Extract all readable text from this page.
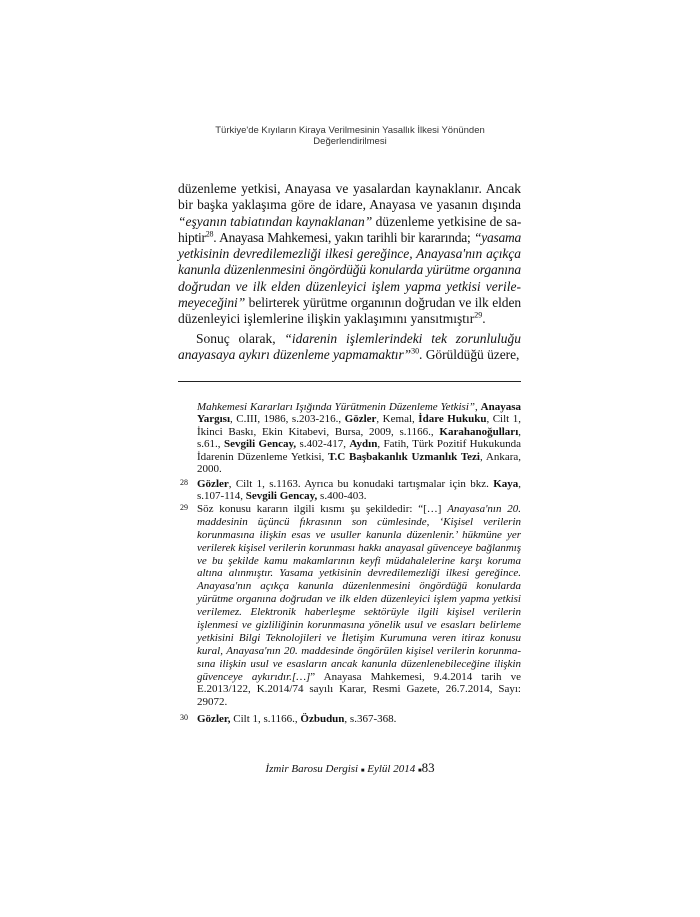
Türkiye'de Kıyıların Kiraya Verilmesinin Yasallık İlkesi Yönünden
Değerlendirilmesi
düzenleme yetkisi, Anayasa ve yasalardan kaynaklanır. Ancak
bir başka yaklaşıma göre de idare, Anayasa ve yasanın dışında
“eşyanın tabiatından kaynaklanan” düzenleme yetkisine de sa-
hiptir$^{28}$. Anayasa Mahkemesi, yakın tarihli bir kararında; “yasama
yetkisinin devredilemezliği ilkesi gereğince, Anayasa'nın açıkça
kanunla düzenlenmesini öngördüğü konularda yürütme organına
doğrudan ve ilk elden düzenleyici işlem yapma yetkisi verile-
meyeceğini” belirterek yürütme organının doğrudan ve ilk elden
düzenleyici işlemlerine ilişkin yaklaşımını yansıtmıştır$^{29}$.
Sonuç olarak, “idarenin işlemlerindeki tek zorunluluğu
anayasaya aykırı düzenleme yapmamaktır”$^{30}$. Görüldüğü üzere,
Mahkemesi Kararları Işığında Yürütmenin Düzenleme Yetkisi”, Anayasa
Yargısı, C.III, 1986, s.203-216., Gözler, Kemal, İdare Hukuku, Cilt 1,
İkinci Baskı, Ekin Kitabevi, Bursa, 2009, s.1166., Karahanoğulları,
s.61., Sevgili Gencay, s.402-417, Aydın, Fatih, Türk Pozitif Hukukunda
İdarenin Düzenleme Yetkisi, T.C Başbakanlık Uzmanlık Tezi, Ankara,
2000.
28 Gözler, Cilt 1, s.1163. Ayrıca bu konudaki tartışmalar için bkz. Kaya,
s.107-114, Sevgili Gencay, s.400-403.
29 Söz konusu kararın ilgili kısmı şu şekildedir: “[…] Anayasa'nın 20.
maddesinin üçüncü fıkrasının son cümlesinde, ‘Kişisel verilerin
korunmasına ilişkin esas ve usuller kanunla düzenlenir.’ hükmüne yer
verilerek kişisel verilerin korunması hakkı anayasal güvenceye bağlanmış
ve bu şekilde kamu makamlarının keyfi müdahalelerine karşı koruma
altına alınmıştır. Yasama yetkisinin devredilemezliği ilkesi gereğince.
Anayasa'nın açıkça kanunla düzenlenmesini öngördüğü konularda
yürütme organına doğrudan ve ilk elden düzenleyici işlem yapma yetkisi
verilemez. Elektronik haberleşme sektörüyle ilgili kişisel verilerin
işlenmesi ve gizliliğinin korunmasına yönelik usul ve esasları belirleme
yetkisini Bilgi Teknolojileri ve İletişim Kurumuna veren itiraz konusu
kural, Anayasa'nın 20. maddesinde öngörülen kişisel verilerin korunma-
sına ilişkin usul ve esasların ancak kanunla düzenlenebileceğine ilişkin
güvenceye aykırıdır.[…]” Anayasa Mahkemesi, 9.4.2014 tarih ve
E.2013/122, K.2014/74 sayılı Karar, Resmi Gazete, 26.7.2014, Sayı:
29072.
30 Gözler, Cilt 1, s.1166., Özbudun, s.367-368.
İzmir Barosu Dergisi ■ Eylül 2014 ■83
